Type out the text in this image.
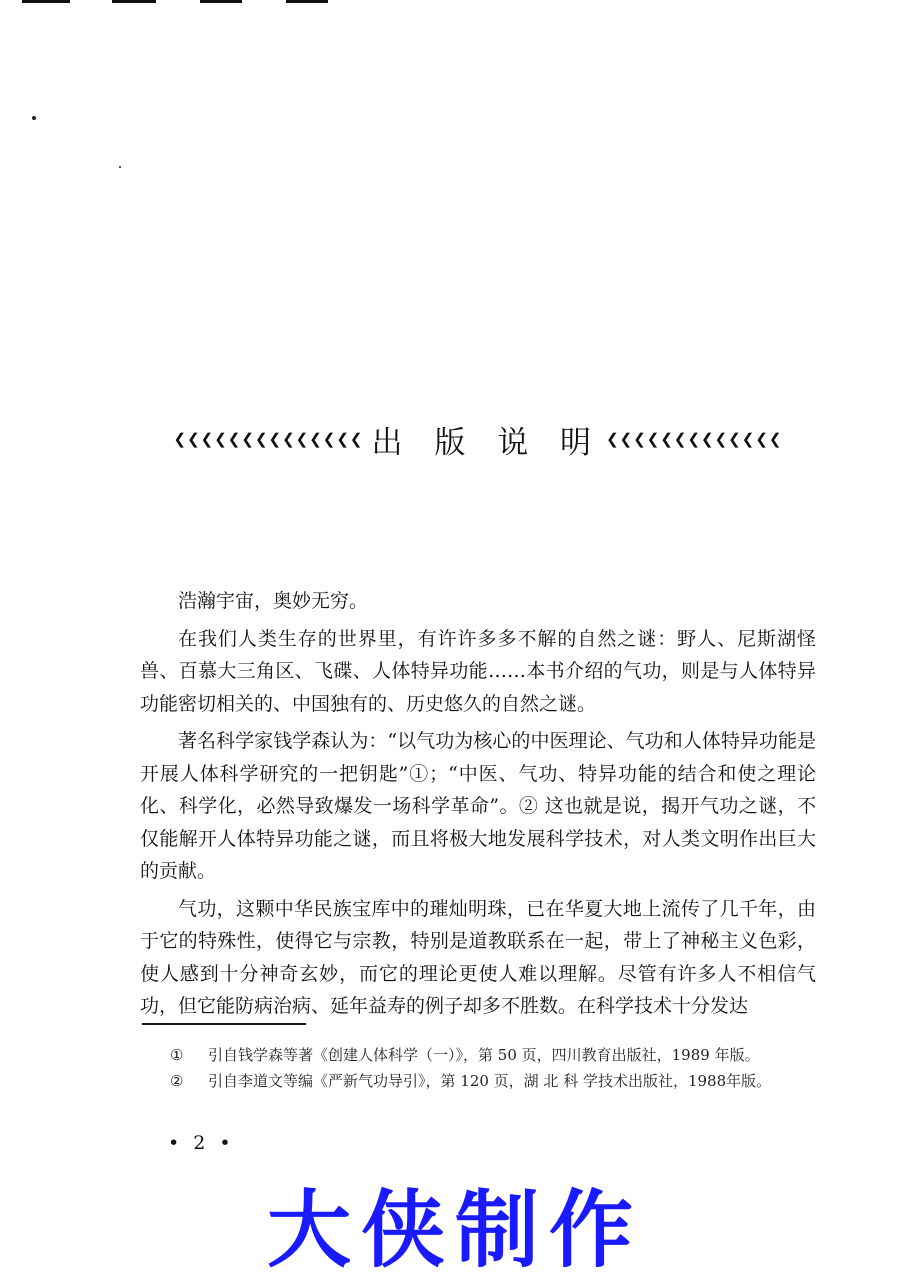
❮❮❮❮❮❮❮❮❮❮❮❮❮❮ 出 版 说 明 ❮❮❮❮❮❮❮❮❮❮❮❮❮

浩瀚宇宙，奥妙无穷。

在我们人类生存的世界里，有许许多多不解的自然之谜：野人、尼斯湖怪兽、百慕大三角区、飞碟、人体特异功能……本书介绍的气功，则是与人体特异功能密切相关的、中国独有的、历史悠久的自然之谜。

著名科学家钱学森认为：“以气功为核心的中医理论、气功和人体特异功能是开展人体科学研究的一把钥匙”①；“中医、气功、特异功能的结合和使之理论化、科学化，必然导致爆发一场科学革命”。② 这也就是说，揭开气功之谜，不仅能解开人体特异功能之谜，而且将极大地发展科学技术，对人类文明作出巨大的贡献。

气功，这颗中华民族宝库中的璀灿明珠，已在华夏大地上流传了几千年，由于它的特殊性，使得它与宗教，特别是道教联系在一起，带上了神秘主义色彩，使人感到十分神奇玄妙，而它的理论更使人难以理解。尽管有许多人不相信气功，但它能防病治病、延年益寿的例子却多不胜数。在科学技术十分发达

①	引自钱学森等著《创建人体科学（一）》，第 50 页，四川教育出版社，1989 年版。
②	引自李道文等编《严新气功导引》，第 120 页，湖 北 科 学技术出版社，1988年版。
• 2 •
大侠制作
